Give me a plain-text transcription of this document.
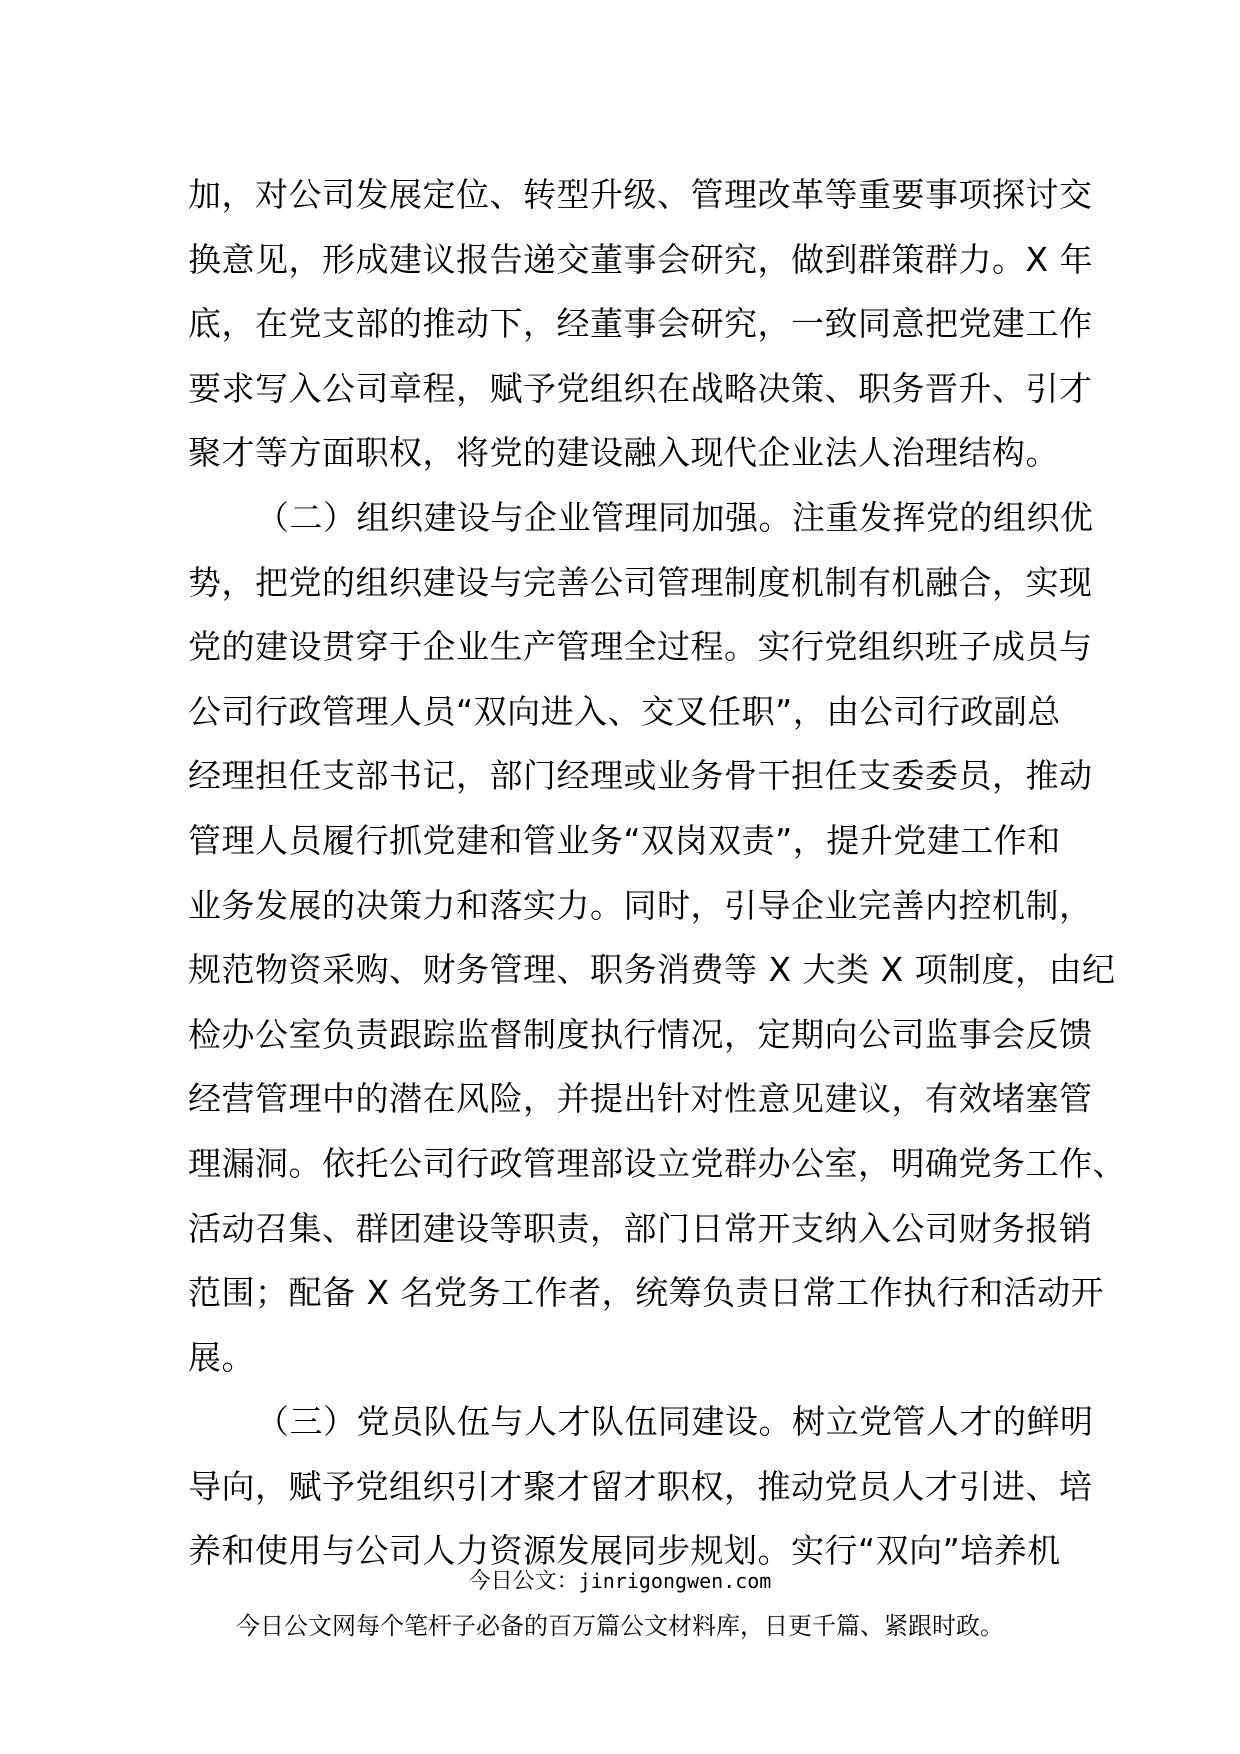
加，对公司发展定位、转型升级、管理改革等重要事项探讨交
换意见，形成建议报告递交董事会研究，做到群策群力。X 年
底，在党支部的推动下，经董事会研究，一致同意把党建工作
要求写入公司章程，赋予党组织在战略决策、职务晋升、引才
聚才等方面职权，将党的建设融入现代企业法人治理结构。
（二）组织建设与企业管理同加强。注重发挥党的组织优
势，把党的组织建设与完善公司管理制度机制有机融合，实现
党的建设贯穿于企业生产管理全过程。实行党组织班子成员与
公司行政管理人员“双向进入、交叉任职”，由公司行政副总
经理担任支部书记，部门经理或业务骨干担任支委委员，推动
管理人员履行抓党建和管业务“双岗双责”，提升党建工作和
业务发展的决策力和落实力。同时，引导企业完善内控机制，
规范物资采购、财务管理、职务消费等 X 大类 X 项制度，由纪
检办公室负责跟踪监督制度执行情况，定期向公司监事会反馈
经营管理中的潜在风险，并提出针对性意见建议，有效堵塞管
理漏洞。依托公司行政管理部设立党群办公室，明确党务工作、
活动召集、群团建设等职责，部门日常开支纳入公司财务报销
范围；配备 X 名党务工作者，统筹负责日常工作执行和活动开
展。
（三）党员队伍与人才队伍同建设。树立党管人才的鲜明
导向，赋予党组织引才聚才留才职权，推动党员人才引进、培
养和使用与公司人力资源发展同步规划。实行“双向”培养机
今日公文：jinrigongwen.com
今日公文网每个笔杆子必备的百万篇公文材料库，日更千篇、紧跟时政。
